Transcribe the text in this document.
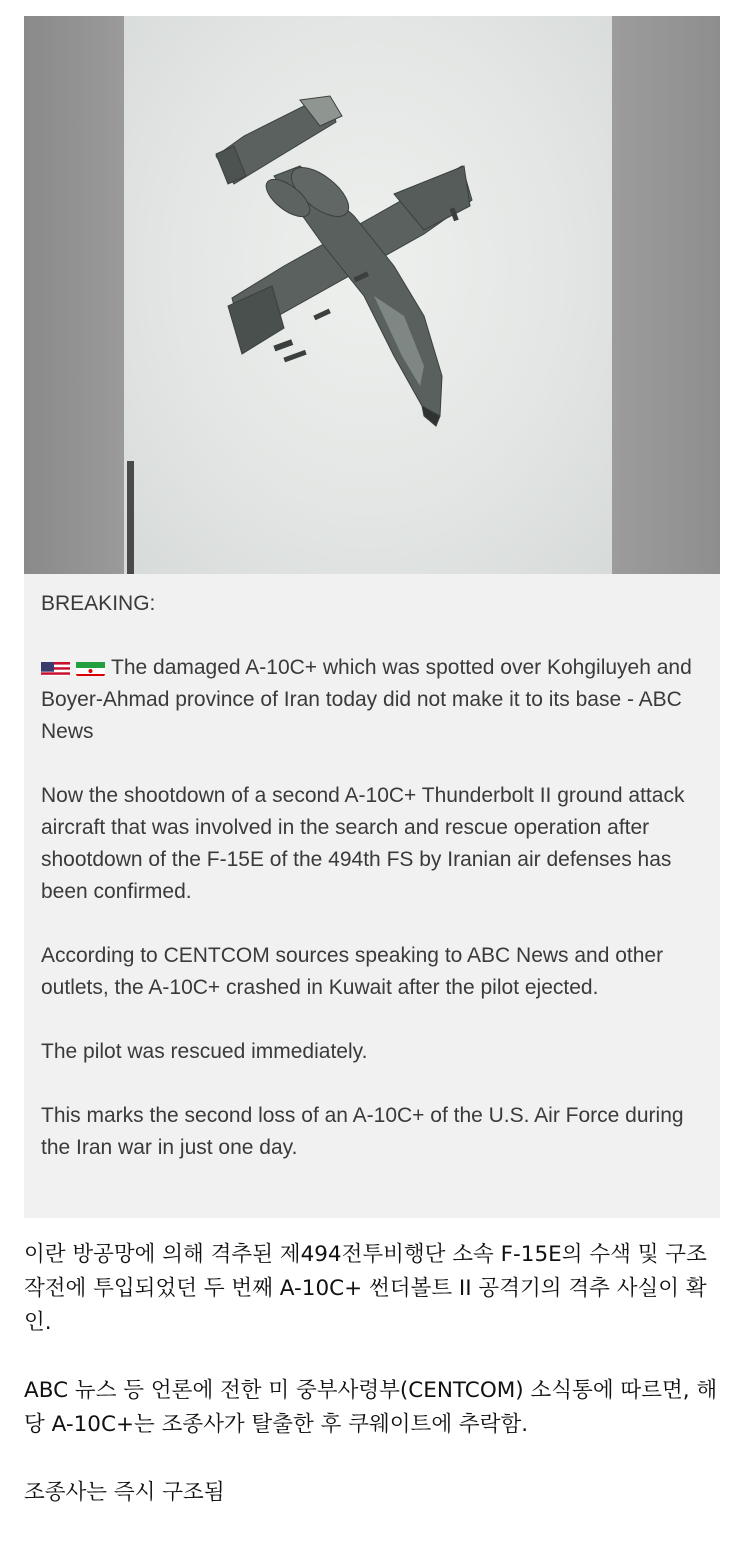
BREAKING:

The damaged A-10C+ which was spotted over Kohgiluyeh and Boyer-Ahmad province of Iran today did not make it to its base - ABC News

Now the shootdown of a second A-10C+ Thunderbolt II ground attack aircraft that was involved in the search and rescue operation after shootdown of the F-15E of the 494th FS by Iranian air defenses has been confirmed.

According to CENTCOM sources speaking to ABC News and other outlets, the A-10C+ crashed in Kuwait after the pilot ejected.

The pilot was rescued immediately.

This marks the second loss of an A-10C+ of the U.S. Air Force during the Iran war in just one day.

이란 방공망에 의해 격추된 제494전투비행단 소속 F-15E의 수색 및 구조 작전에 투입되었던 두 번째 A-10C+ 썬더볼트 II 공격기의 격추 사실이 확인.

ABC 뉴스 등 언론에 전한 미 중부사령부(CENTCOM) 소식통에 따르면, 해당 A-10C+는 조종사가 탈출한 후 쿠웨이트에 추락함.

조종사는 즉시 구조됨
